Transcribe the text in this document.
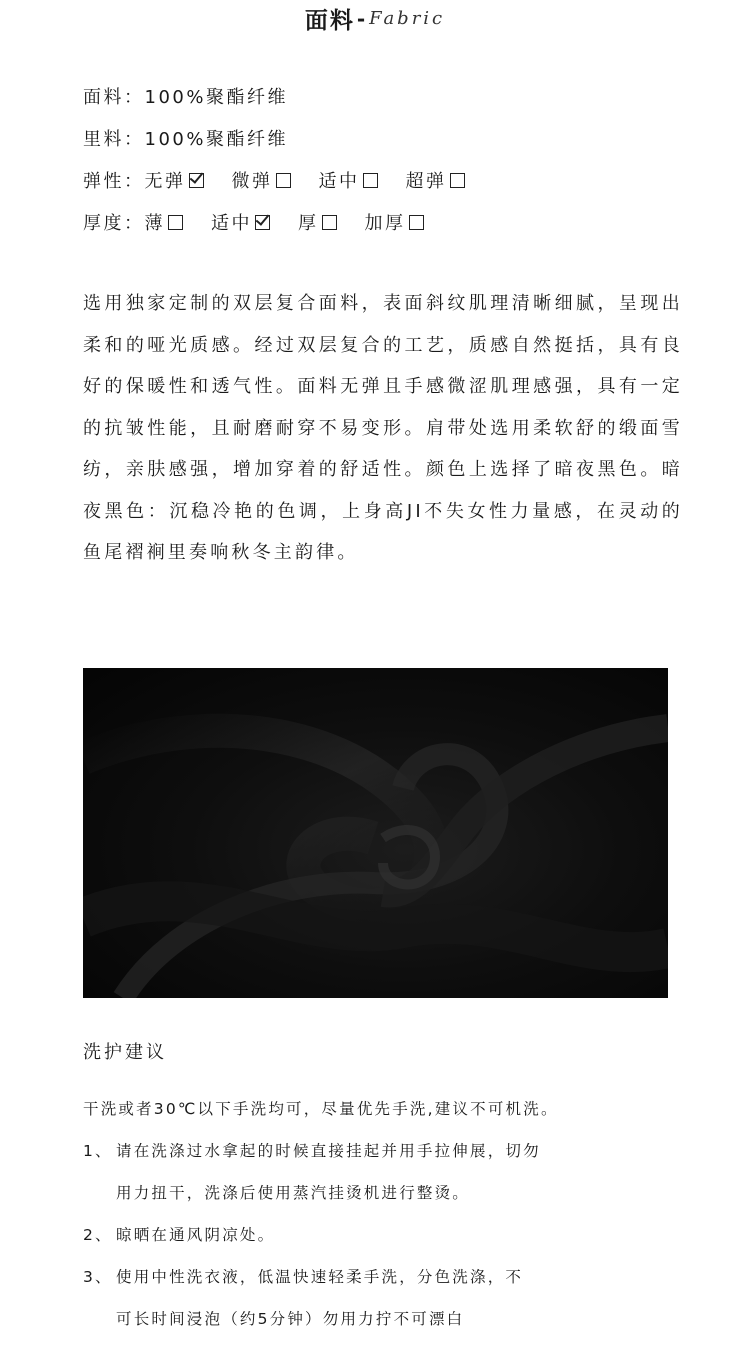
面料 - Fabric
面料：100%聚酯纤维
里料：100%聚酯纤维
弹性：无弹	微弹	适中	超弹
厚度：薄	适中	厚	加厚
选用独家定制的双层复合面料，表面斜纹肌理清晰细腻，呈现出柔和的哑光质感。经过双层复合的工艺，质感自然挺括，具有良好的保暖性和透气性。面料无弹且手感微涩肌理感强，具有一定的抗皱性能，且耐磨耐穿不易变形。肩带处选用柔软舒的缎面雪纺，亲肤感强，增加穿着的舒适性。颜色上选择了暗夜黑色。暗夜黑色：沉稳冷艳的色调，上身高JI不失女性力量感，在灵动的鱼尾褶裥里奏响秋冬主韵律。
洗护建议
干洗或者30℃以下手洗均可，尽量优先手洗,建议不可机洗。
1、 请在洗涤过水拿起的时候直接挂起并用手拉伸展，切勿
用力扭干，洗涤后使用蒸汽挂烫机进行整烫。
2、 晾晒在通风阴凉处。
3、 使用中性洗衣液，低温快速轻柔手洗，分色洗涤，不
可长时间浸泡（约5分钟）勿用力拧不可漂白
